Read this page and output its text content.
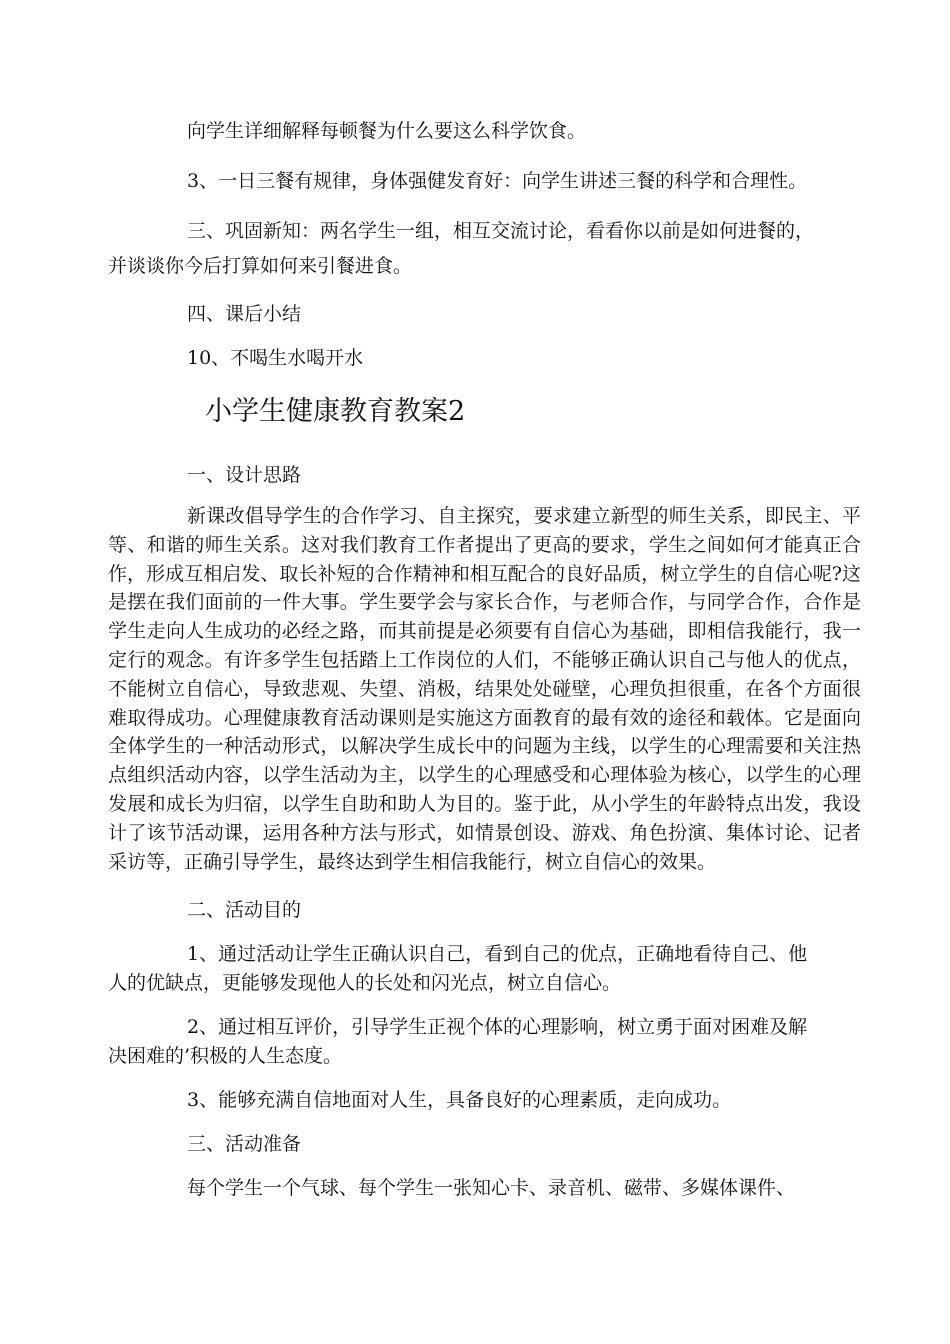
向学生详细解释每顿餐为什么要这么科学饮食。

3、一日三餐有规律，身体强健发育好：向学生讲述三餐的科学和合理性。

三、巩固新知：两名学生一组，相互交流讨论，看看你以前是如何进餐的，

并谈谈你今后打算如何来引餐进食。

四、课后小结

10、不喝生水喝开水

小学生健康教育教案2

一、设计思路

新课改倡导学生的合作学习、自主探究，要求建立新型的师生关系，即民主、平等、和谐的师生关系。这对我们教育工作者提出了更高的要求，学生之间如何才能真正合作，形成互相启发、取长补短的合作精神和相互配合的良好品质，树立学生的自信心呢?这是摆在我们面前的一件大事。学生要学会与家长合作，与老师合作，与同学合作，合作是学生走向人生成功的必经之路，而其前提是必须要有自信心为基础，即相信我能行，我一定行的观念。有许多学生包括踏上工作岗位的人们，不能够正确认识自己与他人的优点，不能树立自信心，导致悲观、失望、消极，结果处处碰壁，心理负担很重，在各个方面很难取得成功。心理健康教育活动课则是实施这方面教育的最有效的途径和载体。它是面向全体学生的一种活动形式，以解决学生成长中的问题为主线，以学生的心理需要和关注热点组织活动内容，以学生活动为主，以学生的心理感受和心理体验为核心，以学生的心理发展和成长为归宿，以学生自助和助人为目的。鉴于此，从小学生的年龄特点出发，我设计了该节活动课，运用各种方法与形式，如情景创设、游戏、角色扮演、集体讨论、记者采访等，正确引导学生，最终达到学生相信我能行，树立自信心的效果。

二、活动目的

1、通过活动让学生正确认识自己，看到自己的优点，正确地看待自己、他

人的优缺点，更能够发现他人的长处和闪光点，树立自信心。

2、通过相互评价，引导学生正视个体的心理影响，树立勇于面对困难及解

决困难的’积极的人生态度。

3、能够充满自信地面对人生，具备良好的心理素质，走向成功。

三、活动准备

每个学生一个气球、每个学生一张知心卡、录音机、磁带、多媒体课件、
